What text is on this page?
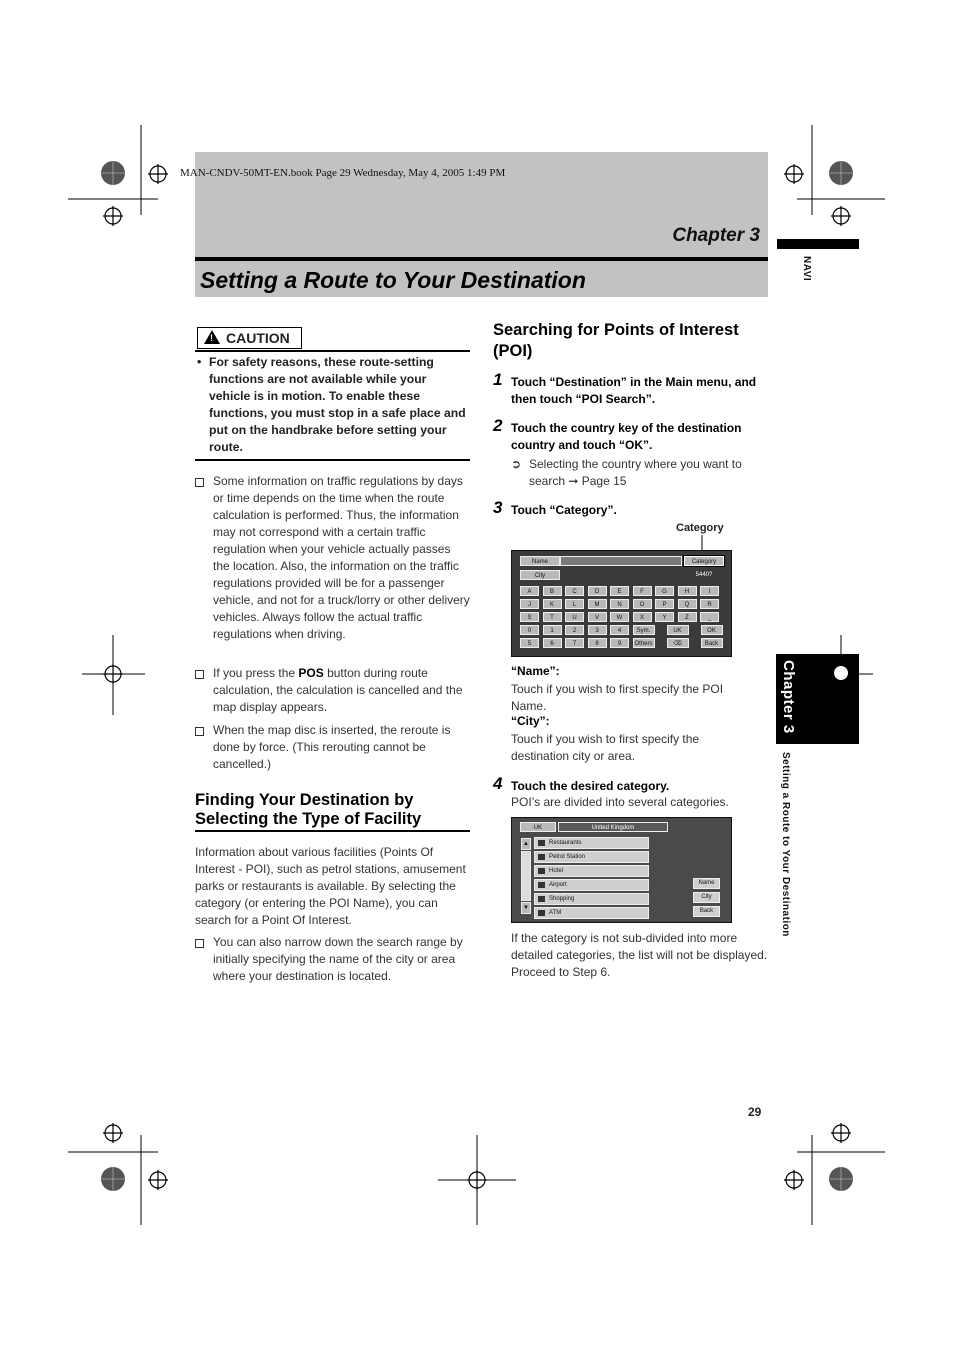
MAN-CNDV-50MT-EN.book Page 29 Wednesday, May 4, 2005 1:49 PM
Chapter 3
Setting a Route to Your Destination	NAVI
Chapter 3
Setting a Route to Your Destination
! CAUTION
• For safety reasons, these route-setting functions are not available while your vehicle is in motion. To enable these functions, you must stop in a safe place and put on the handbrake before setting your route.
Some information on traffic regulations by days or time depends on the time when the route calculation is performed. Thus, the information may not correspond with a certain traffic regulation when your vehicle actually passes the location. Also, the information on the traffic regulations provided will be for a passenger vehicle, and not for a truck/lorry or other delivery vehicles. Always follow the actual traffic regulations when driving.
If you press the POS button during route calculation, the calculation is cancelled and the map display appears.
When the map disc is inserted, the reroute is done by force. (This rerouting cannot be cancelled.)
Finding Your Destination by Selecting the Type of Facility
Information about various facilities (Points Of Interest - POI), such as petrol stations, amusement parks or restaurants is available. By selecting the category (or entering the POI Name), you can search for a Point Of Interest.
You can also narrow down the search range by initially specifying the name of the city or area where your destination is located.
Searching for Points of Interest (POI)
1 Touch “Destination” in the Main menu, and then touch “POI Search”.
2 Touch the country key of the destination country and touch “OK”.
➲ Selecting the country where you want to search ➞ Page 15
3 Touch “Category”.
Category
Name
City
Category
5440?
A	B	C	D	E	F	G	H	I
J	K	L	M	N	O	P	Q	R
S	T	U	V	W	X	Y	Z	_
0	1	2	3	4	Sym.	UK	OK
5	6	7	8	9	Others	⌫	Back
“Name”:
Touch if you wish to first specify the POI Name.
“City”:
Touch if you wish to first specify the destination city or area.
4 Touch the desired category.
POI’s are divided into several categories.
UK	United Kingdom
▲
▼
Restaurants
Petrol Station
Hotel
Airport
Shopping
ATM
Name
City
Back
If the category is not sub-divided into more detailed categories, the list will not be displayed. Proceed to Step 6.
29
